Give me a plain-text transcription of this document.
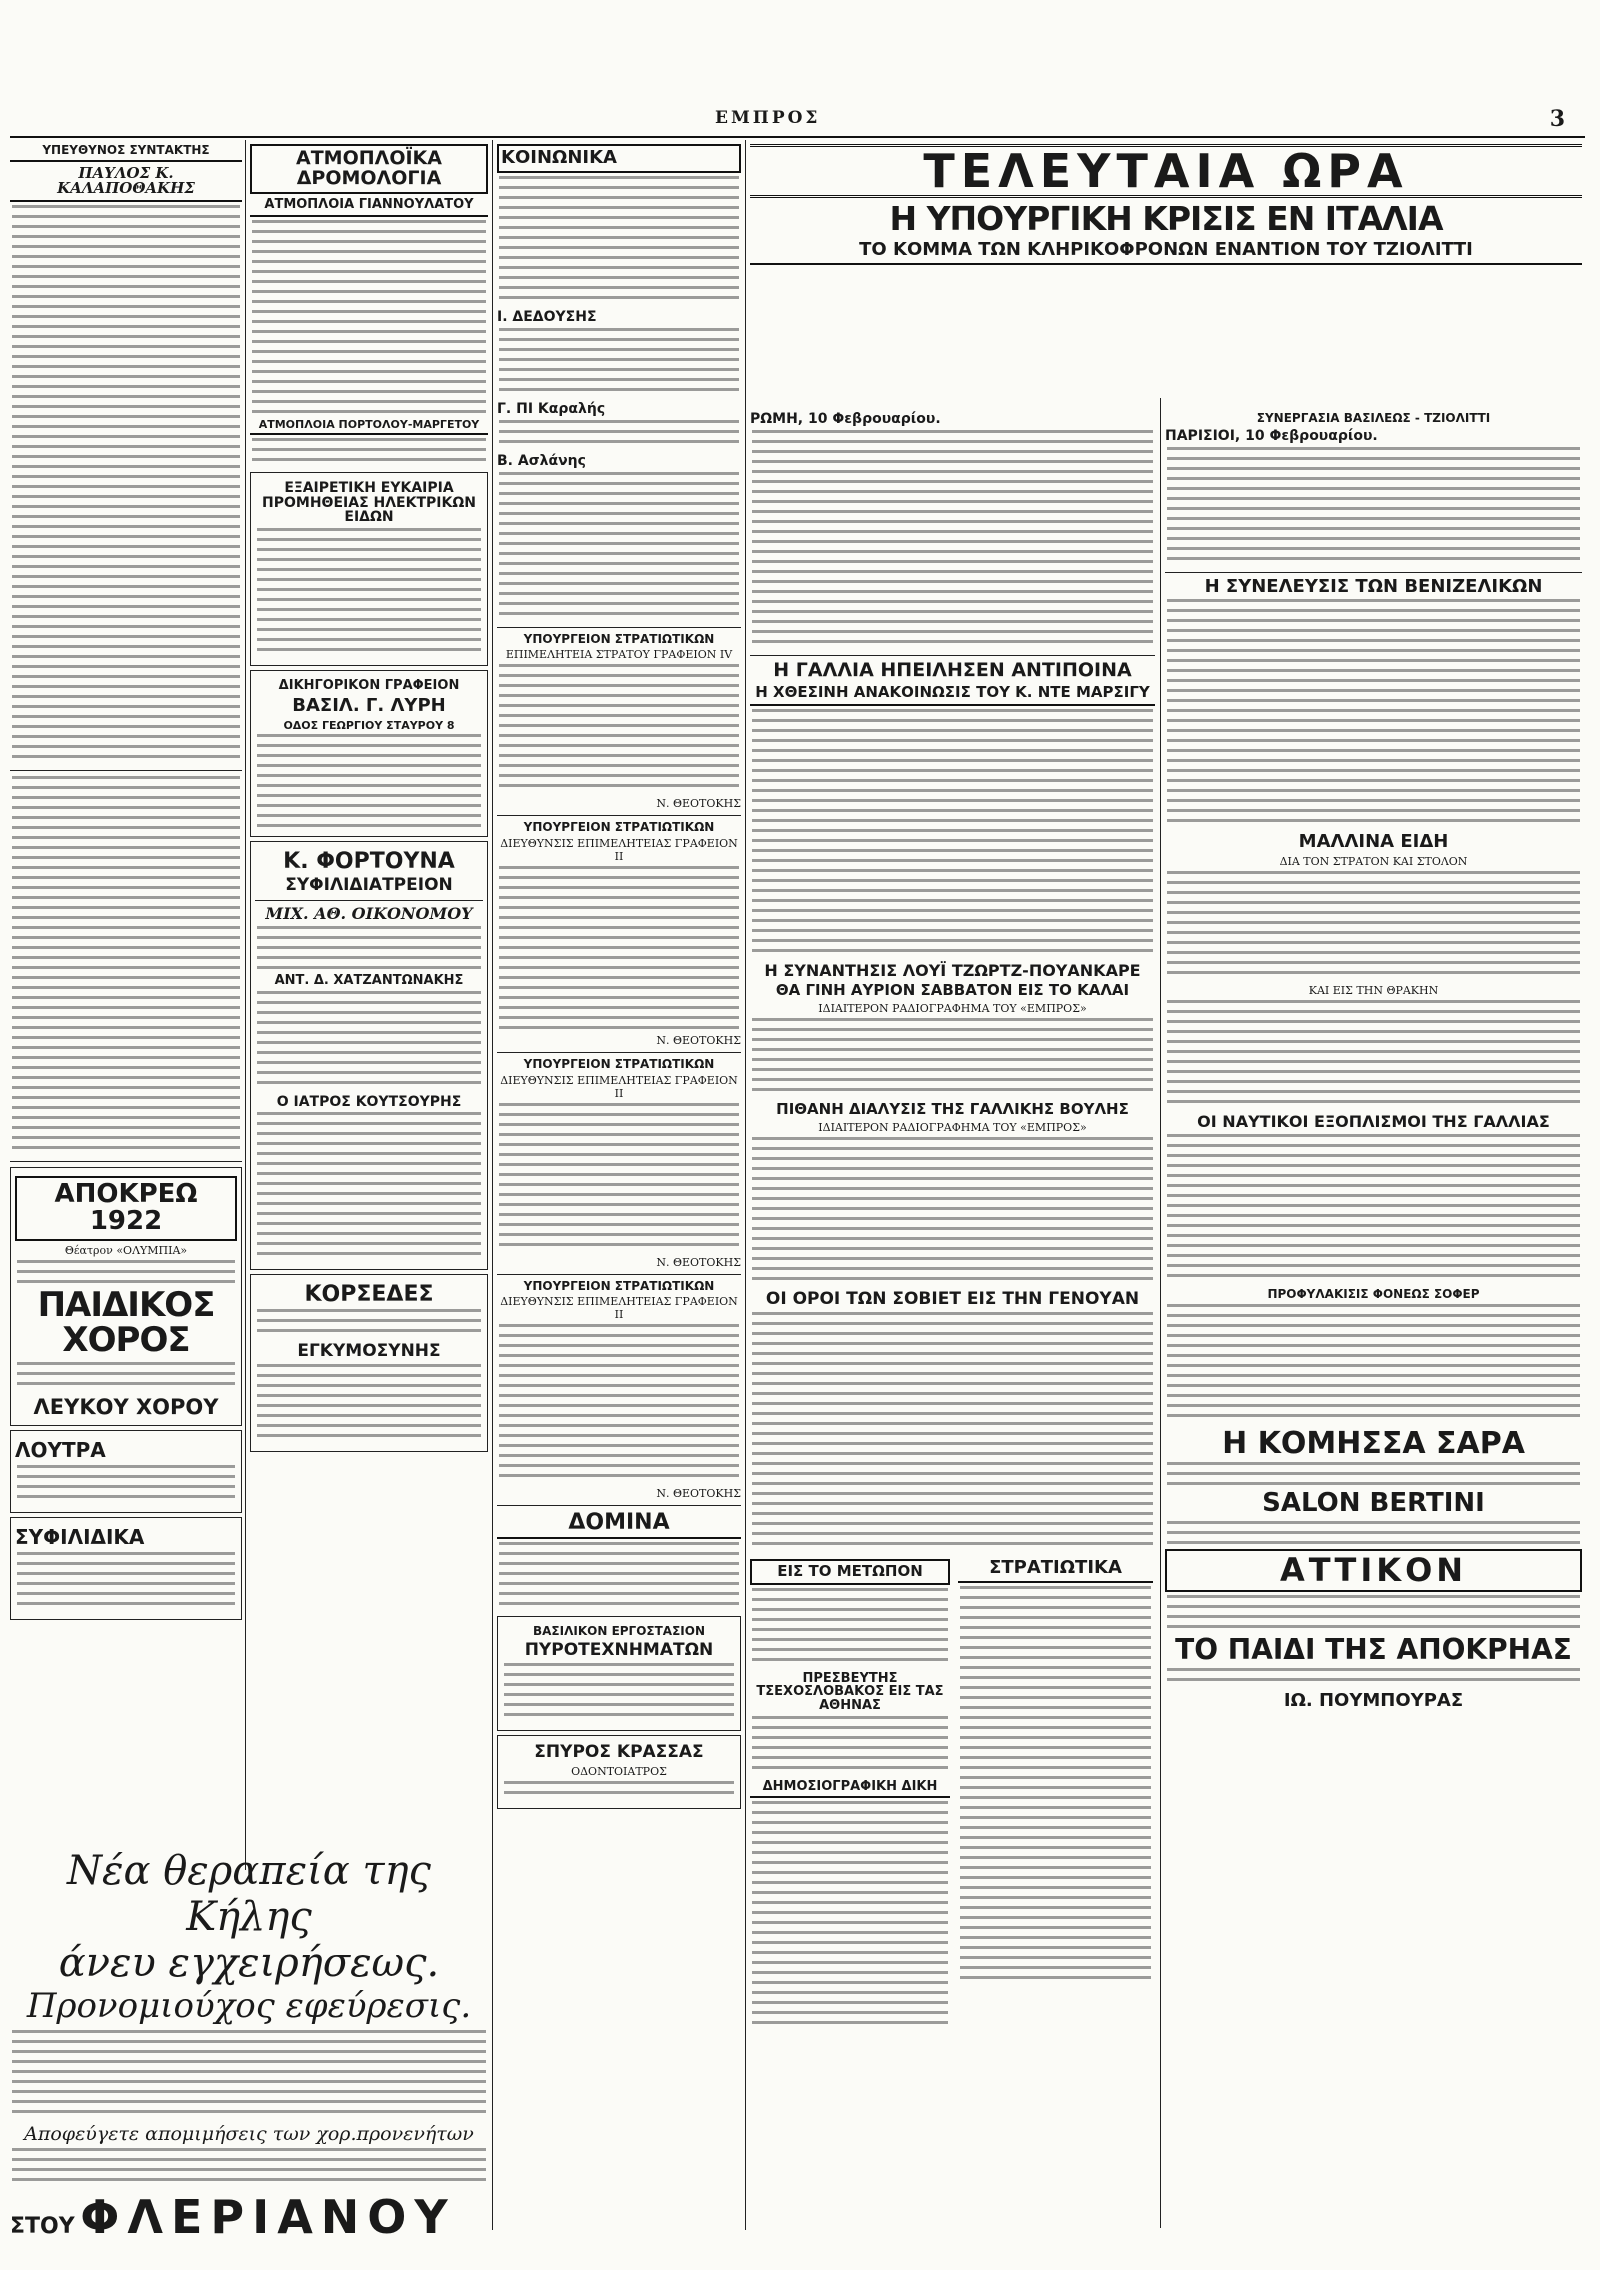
ΕΜΠΡΟΣ	3
ΥΠΕΥΘΥΝΟΣ ΣΥΝΤΑΚΤΗΣ
ΠΑΥΛΟΣ Κ. ΚΑΛΑΠΟΘΑΚΗΣ
ΑΠΟΚΡΕΩ 1922
Θέατρον «ΟΛΥΜΠΙΑ»
ΠΑΙΔΙΚΟΣ ΧΟΡΟΣ
ΛΕΥΚΟΥ ΧΟΡΟΥ
ΛΟΥΤΡΑ
ΣΥΦΙΛΙΔΙΚΑ
ΑΤΜΟΠΛΟΪΚΑ ΔΡΟΜΟΛΟΓΙΑ
ΑΤΜΟΠΛΟΙΑ ΓΙΑΝΝΟΥΛΑΤΟΥ
ΑΤΜΟΠΛΟΙΑ ΠΟΡΤΟΛΟΥ-ΜΑΡΓΕΤΟΥ
ΕΞΑΙΡΕΤΙΚΗ ΕΥΚΑΙΡΙΑ ΠΡΟΜΗΘΕΙΑΣ ΗΛΕΚΤΡΙΚΩΝ ΕΙΔΩΝ
ΔΙΚΗΓΟΡΙΚΟΝ ΓΡΑΦΕΙΟΝ
ΒΑΣΙΛ. Γ. ΛΥΡΗ
ΟΔΟΣ ΓΕΩΡΓΙΟΥ ΣΤΑΥΡΟΥ 8
Κ. ΦΟΡΤΟΥΝΑ
ΣΥΦΙΛΙΔΙΑΤΡΕΙΟΝ
ΜΙΧ. ΑΘ. ΟΙΚΟΝΟΜΟΥ
ΑΝΤ. Δ. ΧΑΤΖΑΝΤΩΝΑΚΗΣ
Ο ΙΑΤΡΟΣ ΚΟΥΤΣΟΥΡΗΣ
ΚΟΡΣΕΔΕΣ
ΕΓΚΥΜΟΣΥΝΗΣ
ΚΟΙΝΩΝΙΚΑ
Ι. ΔΕΔΟΥΣΗΣ
Γ. ΠΙ Καραλής
Β. Ασλάνης
ΥΠΟΥΡΓΕΙΟΝ ΣΤΡΑΤΙΩΤΙΚΩΝ
ΕΠΙΜΕΛΗΤΕΙΑ ΣΤΡΑΤΟΥ ΓΡΑΦΕΙΟΝ IV
Ν. ΘΕΟΤΟΚΗΣ
ΥΠΟΥΡΓΕΙΟΝ ΣΤΡΑΤΙΩΤΙΚΩΝ
ΔΙΕΥΘΥΝΣΙΣ ΕΠΙΜΕΛΗΤΕΙΑΣ ΓΡΑΦΕΙΟΝ ΙΙ
Ν. ΘΕΟΤΟΚΗΣ
ΥΠΟΥΡΓΕΙΟΝ ΣΤΡΑΤΙΩΤΙΚΩΝ
ΔΙΕΥΘΥΝΣΙΣ ΕΠΙΜΕΛΗΤΕΙΑΣ ΓΡΑΦΕΙΟΝ ΙΙ
Ν. ΘΕΟΤΟΚΗΣ
ΥΠΟΥΡΓΕΙΟΝ ΣΤΡΑΤΙΩΤΙΚΩΝ
ΔΙΕΥΘΥΝΣΙΣ ΕΠΙΜΕΛΗΤΕΙΑΣ ΓΡΑΦΕΙΟΝ ΙΙ
Ν. ΘΕΟΤΟΚΗΣ
ΔΟΜΙΝΑ
ΒΑΣΙΛΙΚΟΝ ΕΡΓΟΣΤΑΣΙΟΝ
ΠΥΡΟΤΕΧΝΗΜΑΤΩΝ
ΣΠΥΡΟΣ ΚΡΑΣΣΑΣ
ΟΔΟΝΤΟΙΑΤΡΟΣ
ΤΕΛΕΥΤΑΙΑ ΩΡΑ
Η ΥΠΟΥΡΓΙΚΗ ΚΡΙΣΙΣ ΕΝ ΙΤΑΛΙΑ
ΤΟ ΚΟΜΜΑ ΤΩΝ ΚΛΗΡΙΚΟΦΡΟΝΩΝ ΕΝΑΝΤΙΟΝ ΤΟΥ ΤΖΙΟΛΙΤΤΙ
ΡΩΜΗ, 10 Φεβρουαρίου.
Η ΓΑΛΛΙΑ ΗΠΕΙΛΗΣΕΝ ΑΝΤΙΠΟΙΝΑ
Η ΧΘΕΣΙΝΗ ΑΝΑΚΟΙΝΩΣΙΣ ΤΟΥ Κ. ΝΤΕ ΜΑΡΣΙΓΥ
Η ΣΥΝΑΝΤΗΣΙΣ ΛΟΥΪ ΤΖΩΡΤΖ-ΠΟΥΑΝΚΑΡΕ
ΘΑ ΓΙΝΗ ΑΥΡΙΟΝ ΣΑΒΒΑΤΟΝ ΕΙΣ ΤΟ ΚΑΛΑΙ
ΙΔΙΑΙΤΕΡΟΝ ΡΑΔΙΟΓΡΑΦΗΜΑ ΤΟΥ «ΕΜΠΡΟΣ»
ΠΙΘΑΝΗ ΔΙΑΛΥΣΙΣ ΤΗΣ ΓΑΛΛΙΚΗΣ ΒΟΥΛΗΣ
ΙΔΙΑΙΤΕΡΟΝ ΡΑΔΙΟΓΡΑΦΗΜΑ ΤΟΥ «ΕΜΠΡΟΣ»
ΟΙ ΟΡΟΙ ΤΩΝ ΣΟΒΙΕΤ ΕΙΣ ΤΗΝ ΓΕΝΟΥΑΝ
ΕΙΣ ΤΟ ΜΕΤΩΠΟΝ
ΠΡΕΣΒΕΥΤΗΣ ΤΣΕΧΟΣΛΟΒΑΚΟΣ ΕΙΣ ΤΑΣ ΑΘΗΝΑΣ
ΔΗΜΟΣΙΟΓΡΑΦΙΚΗ ΔΙΚΗ
ΣΤΡΑΤΙΩΤΙΚΑ
ΣΥΝΕΡΓΑΣΙΑ ΒΑΣΙΛΕΩΣ - ΤΖΙΟΛΙΤΤΙ
ΠΑΡΙΣΙΟΙ, 10 Φεβρουαρίου.
Η ΣΥΝΕΛΕΥΣΙΣ ΤΩΝ ΒΕΝΙΖΕΛΙΚΩΝ
ΜΑΛΛΙΝΑ ΕΙΔΗ
ΔΙΑ ΤΟΝ ΣΤΡΑΤΟΝ ΚΑΙ ΣΤΟΛΟΝ
ΚΑΙ ΕΙΣ ΤΗΝ ΘΡΑΚΗΝ
ΟΙ ΝΑΥΤΙΚΟΙ ΕΞΟΠΛΙΣΜΟΙ ΤΗΣ ΓΑΛΛΙΑΣ
ΠΡΟΦΥΛΑΚΙΣΙΣ ΦΟΝΕΩΣ ΣΟΦΕΡ
Η ΚΟΜΗΣΣΑ ΣΑΡΑ
SALON BERTINI
ΑΤΤΙΚΟΝ
ΤΟ ΠΑΙΔΙ ΤΗΣ ΑΠΟΚΡΗΑΣ
ΙΩ. ΠΟΥΜΠΟΥΡΑΣ
Νέα θεραπεία της Κήλης
άνευ εγχειρήσεως.
Προνομιούχος εφεύρεσις.
Αποφεύγετε απομιμήσεις των χορ.προνενήτων
ΣΤΟΥ ΦΛΕΡΙΑΝΟΥ
